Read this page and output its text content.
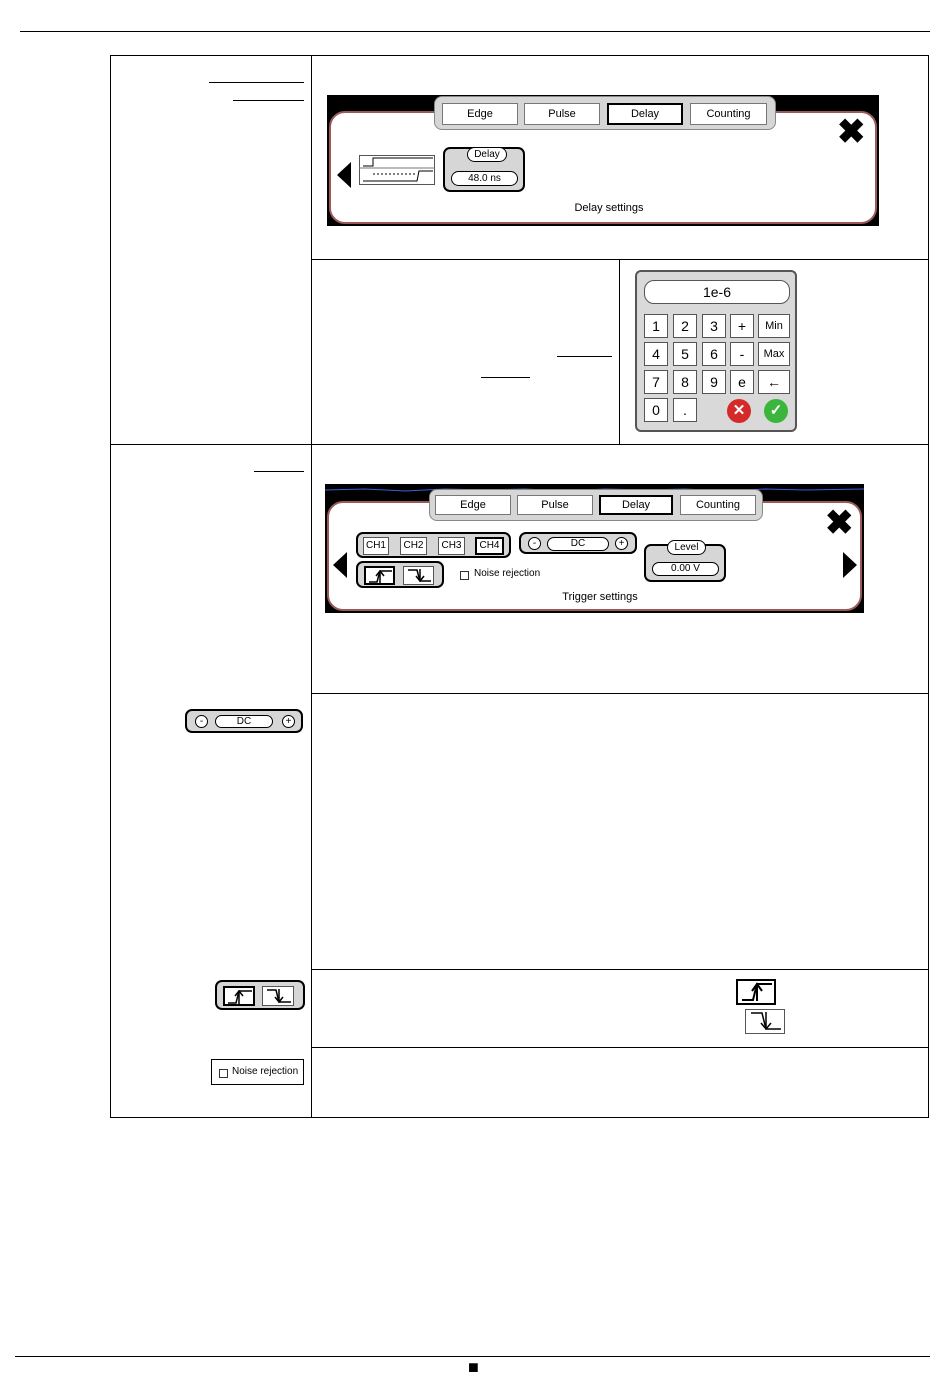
■
Edge	Pulse	Delay	Counting	✖
Delay
48.0 ns
Delay settings
1e-6
1	2	3	+	Min
4	5	6	-	Max
7	8	9	e	←
0	.	✕	✓
Edge	Pulse	Delay	Counting	✖
CH1	CH2	CH3	CH4	-	DC	+
Noise rejection
Level
0.00 V
Trigger settings
-	DC	+
Noise rejection
